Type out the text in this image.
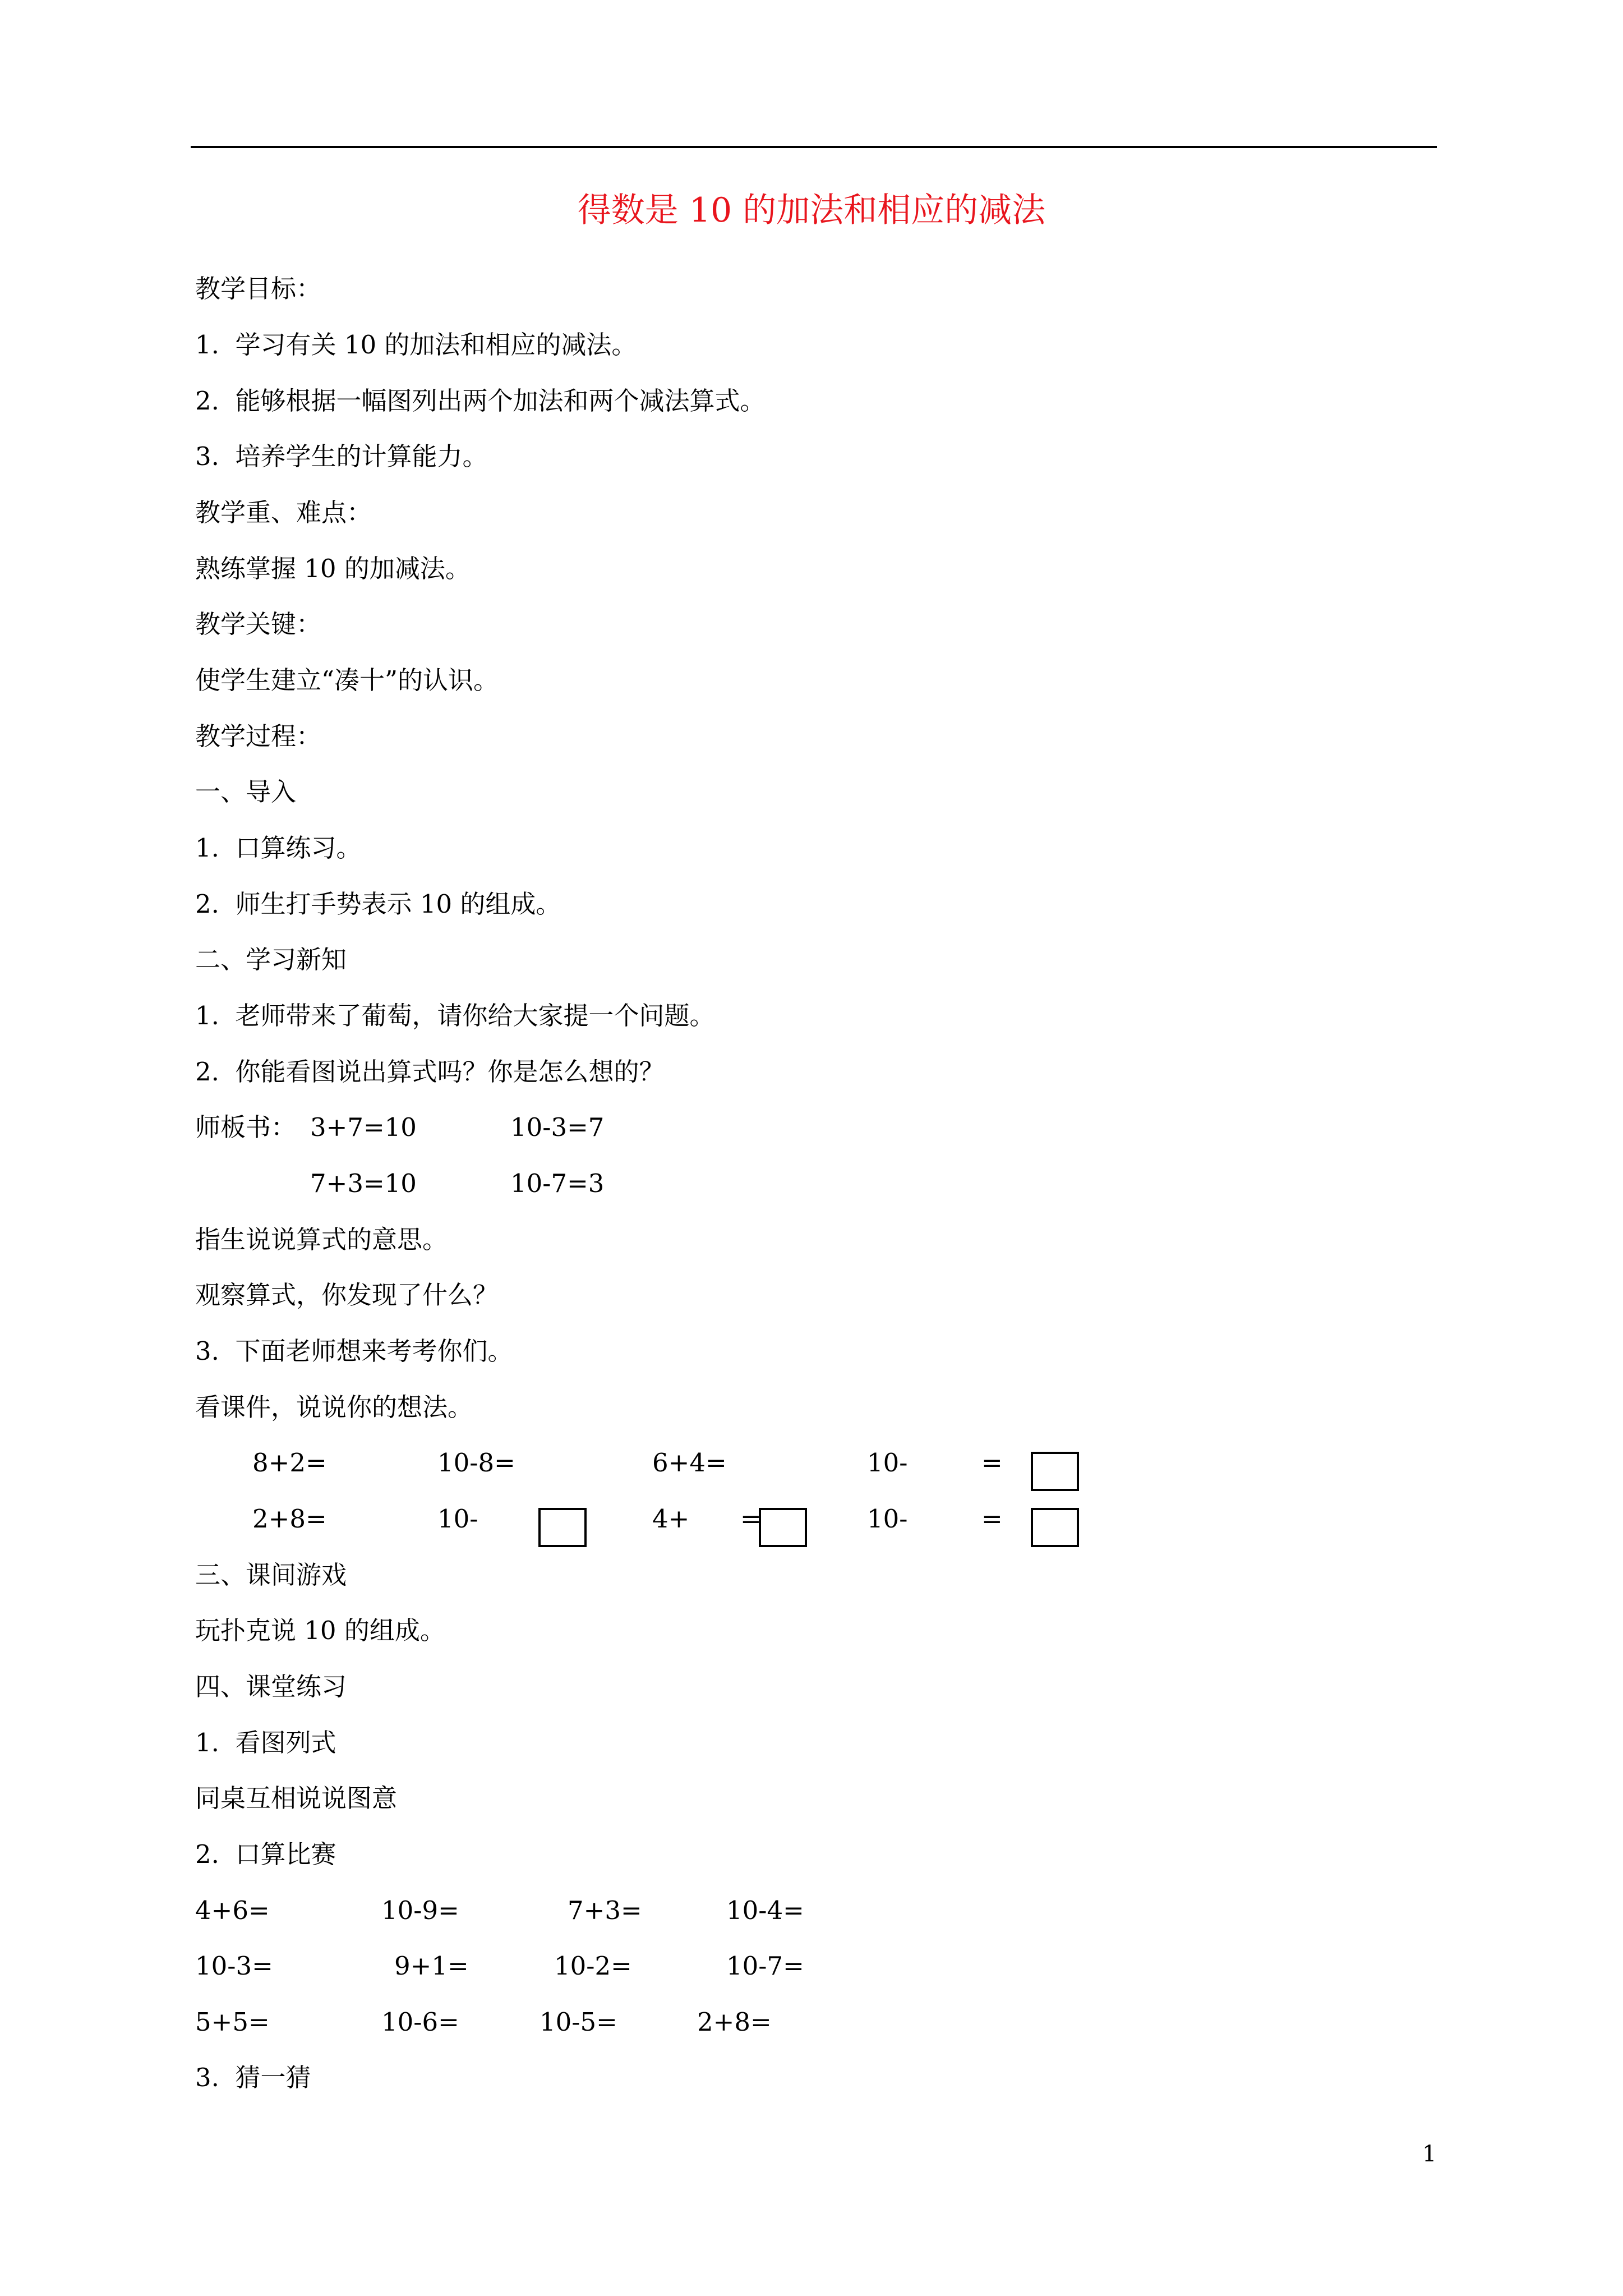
得数是 10 的加法和相应的减法
教学目标：
1.  学习有关 10 的加法和相应的减法。
2.  能够根据一幅图列出两个加法和两个减法算式。
3.  培养学生的计算能力。
教学重、难点：
熟练掌握 10 的加减法。
教学关键：
使学生建立“凑十”的认识。
教学过程：
一、导入
1.  口算练习。
2.  师生打手势表示 10 的组成。
二、学习新知
1.  老师带来了葡萄，请你给大家提一个问题。
2.  你能看图说出算式吗？你是怎么想的？
师板书： 3+7=10	10-3=7
7+3=10	10-7=3
指生说说算式的意思。
观察算式，你发现了什么？
3.  下面老师想来考考你们。
看课件，说说你的想法。
8+2=	10-8=	6+4=	10-	=
2+8=	10-	4+ =	10-	=
三、课间游戏
玩扑克说 10 的组成。
四、课堂练习
1.  看图列式
同桌互相说说图意
2.  口算比赛
4+6=	10-9=	7+3=	10-4=
10-3=	9+1=	10-2=	10-7=
5+5=	10-6=	10-5=	2+8=
3.  猜一猜
1
